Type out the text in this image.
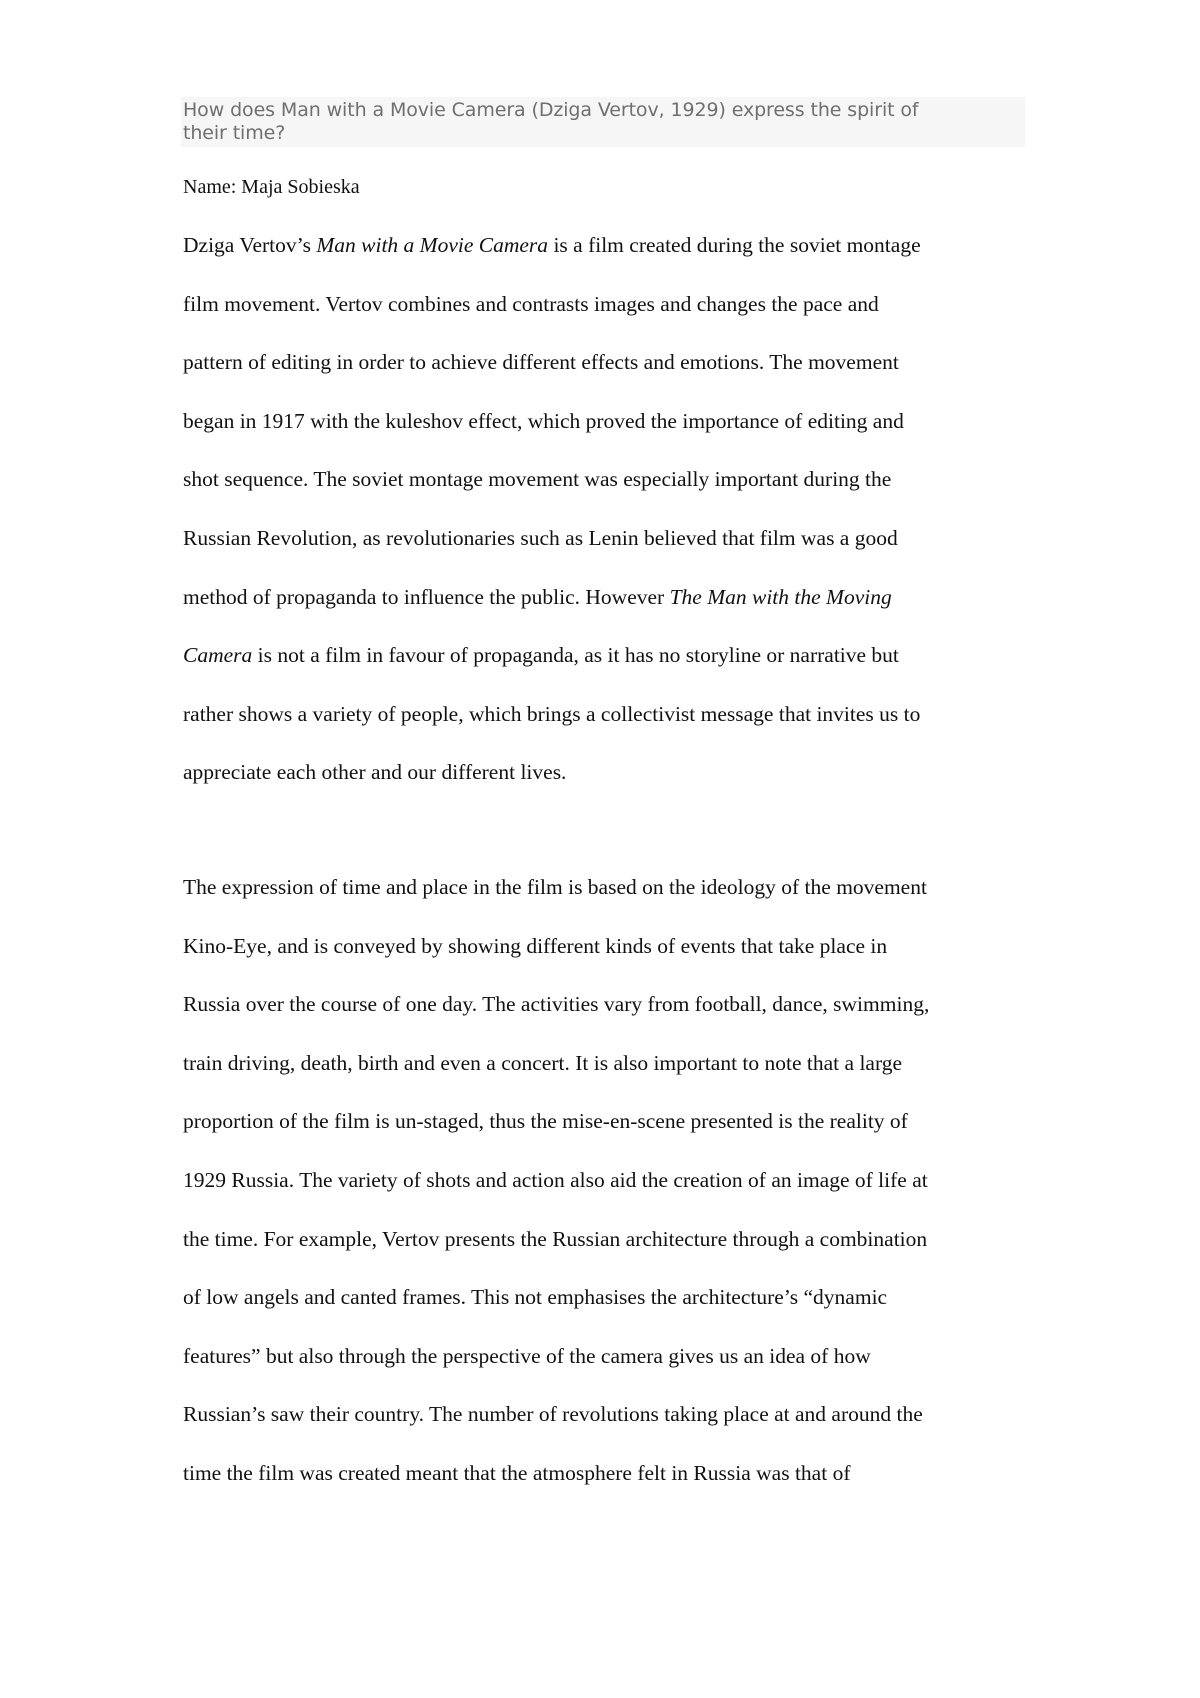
How does Man with a Movie Camera (Dziga Vertov, 1929) express the spirit of
their time?

Name: Maja Sobieska

Dziga Vertov’s Man with a Movie Camera is a film created during the soviet montage
film movement. Vertov combines and contrasts images and changes the pace and
pattern of editing in order to achieve different effects and emotions. The movement
began in 1917 with the kuleshov effect, which proved the importance of editing and
shot sequence. The soviet montage movement was especially important during the
Russian Revolution, as revolutionaries such as Lenin believed that film was a good
method of propaganda to influence the public. However The Man with the Moving
Camera is not a film in favour of propaganda, as it has no storyline or narrative but
rather shows a variety of people, which brings a collectivist message that invites us to
appreciate each other and our different lives.

The expression of time and place in the film is based on the ideology of the movement
Kino-Eye, and is conveyed by showing different kinds of events that take place in
Russia over the course of one day. The activities vary from football, dance, swimming,
train driving, death, birth and even a concert. It is also important to note that a large
proportion of the film is un-staged, thus the mise-en-scene presented is the reality of
1929 Russia. The variety of shots and action also aid the creation of an image of life at
the time. For example, Vertov presents the Russian architecture through a combination
of low angels and canted frames. This not emphasises the architecture’s “dynamic
features” but also through the perspective of the camera gives us an idea of how
Russian’s saw their country. The number of revolutions taking place at and around the
time the film was created meant that the atmosphere felt in Russia was that of
